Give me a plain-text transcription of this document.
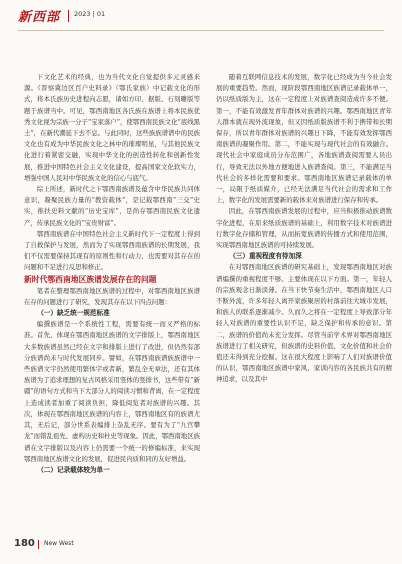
新西部 2023 | 01

下文化艺术的经典，也为当代文化自觉提供多元灵感来源。《晋察冀边区百户史料录》（鄂氏家族）中记载文化的形式，将本氏族历史进程向志愿，诸如方印、据版、石刻雕版等题于族谱当中。可见，鄂西南地区各氏族在族谱上将本民族优秀文化视为宗族一分子“宝家落户”，使鄂西南民族文化“底线黑土”，在新代潮延下去不息。与此同时，这些族族谱谱中的民族文化也有成为中华民族文化之林中的璀璨明星，与其他民族文化进行着紧密交融，实现中华文化的创造性转化和创新性发展，推进中国特色社会主义文化建设，提高国家文化软实力，增强中国人民对中华民族文化的信心与底气。

综上所述，新时代之下鄂西南族谱及蕴含中华民族共同体意识，凝聚民族力量的“教资载体”，是记载鄂西南“三交”史实，推扶史料文献的“历史宝库”，是尚存鄂西南民族文化遗产，传承民族文化的“宝贵财富”。

鄂西南族谱在中国特色社会主义新时代下一定程度上得到了自救保护与发展，然而为了实现鄂西南族谱的长期发展，我们不仅需要保持其现有的原则性和行动力，也需要对其存在的问题和不足进行反思和修正。

新时代鄂西南地区族谱发展存在的问题

笔者在整理鄂西南地区族谱的过程中，对鄂西南地区族谱在存的问题进行了研究，发现其存在以下四点问题：

（一）缺乏统一规范标准

编撰族谱是一个系统性工程，需要有统一而又严格的标准。首先，体现在鄂西南地区族谱的文字排版上，鄂西南地区大多数族谱虽然已经在文字和排版上进行了改进，但仍然有部分族谱尚未与时代发展同步。譬如，在鄂西南族谱族族谱中一些族谱文字仍然使用繁体字或者新，繁乱全无章法，还有其体族谱为了追求理想的复古风格采用竖体的竖排书，这些带有“新疆”的语句方式和当下大部分人的阅读习惯和背离，在一定程度上造成读者加重了阅读负担，降低阅览者对族谱的兴趣。其次，体现在鄂西南地区族谱的内容上，鄂西南地区有的族谱尤其，无后记，部分世系表编排上杂乱无序。要有为了“九宫攀龙”而错乱祖先、虚构历史和杜史等现象。因此，鄂西南地区族谱在文字排版以及内容上仍需要一个统一的修编标准，来实现鄂西南地区族谱文化的发展，促进民内质和同的友好增益。

（二）记录载体较为单一

随着互联网信息技术的发展，数字化已经成为当今社会发展的重要趋势。然而，现阶段鄂西南地区族谱记录载体单一，仍以纸质版为主，这在一定程度上对族谱查阅造成许多不便。第一，不能有效激发青年群体对族谱的兴趣。鄂西南地区青年人群本就在现外流现象，但又因纸质版族谱不利于携带和长期保存，所以青年群体对族谱的兴趣日下降，不能有效发挥鄂西南族谱的凝聚作用。第二，不能实现与现代社会的有效融合。现代社会中家庭成员分布范围广，各地族谱查阅需要人员出行，导致无法以外地方便地进入族谱查阅。第三，不能满足当代社会的多样化需要和要求。鄂西南地区族谱记录载体的单一，局限于纸质媒介，已经无法满足当代社会的需求和工作上，数字化的发展需要新的载体来对族谱进行保存和传承。

因此，在鄂西南族谱发展的过程中，应当积极推动族谱数字化进程，在原来纸质族谱的基础上，利用数字技术对族谱进行数字化存储和管理，从而拓宽族谱的传播方式和使用范围，实现鄂西南地区族谱的可持续发展。

（三）重视程度有待加深

在对鄂西南地区族谱的研究基础上，发现鄂西南地区对族谱编撰的重视程度不够。主要体现在以下方面。第一，年轻人的宗族观念日渐淡薄。在当下快节奏生活中，鄂西南地区人口不断外流，许多年轻人离开家族聚居的村落前往大城市发展，和族人的联系逐渐减少。久而久之将在一定程度上导致部分年轻人对族谱的重要性认识不足，缺乏保护和传承的意识。第二，族谱的价值尚未充分发挥。尽管当前学术界对鄂西南地区族谱进行了相关研究，但族谱的史料价值、文化价值和社会价值还未得到充分挖掘。这在很大程度上影响了人们对族谱价值的认识，鄂西南地区族谱中家风、家训内容的各民族共有的精神追求，以及其中

180 New West
